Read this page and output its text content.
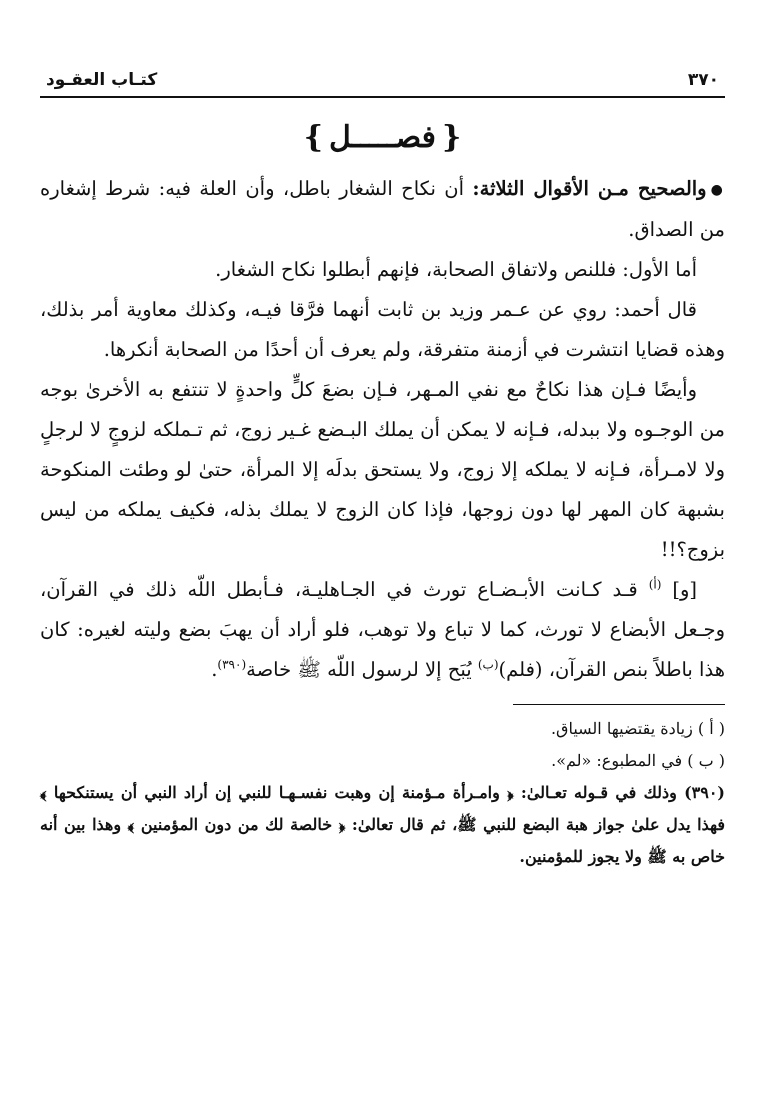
٣٧٠
كتـاب العقـود
{فصـــــل}

●والصحيح مـن الأقوال الثلاثة: أن نكاح الشغار باطل، وأن العلة فيه: شرط إشغاره من الصداق.

أما الأول: فللنص ولاتفاق الصحابة، فإنهم أبطلوا نكاح الشغار.

قال أحمد: روي عن عـمر وزيد بن ثابت أنهما فرَّقا فيـه، وكذلك معاوية أمر بذلك، وهذه قضايا انتشرت في أزمنة متفرقة، ولم يعرف أن أحدًا من الصحابة أنكرها.

وأيضًا فـإن هذا نكاحٌ مع نفي المـهر، فـإن بضعَ كلٍّ واحدةٍ لا تنتفع به الأخرىٰ بوجه من الوجـوه ولا ببدله، فـإنه لا يمكن أن يملك البـضع غـير زوج، ثم تـملكه لزوجٍ لا لرجلٍ ولا لامـرأة، فـإنه لا يملكه إلا زوج، ولا يستحق بدلَه إلا المرأة، حتىٰ لو وطئت المنكوحة بشبهة كان المهر لها دون زوجها، فإذا كان الزوج لا يملك بذله، فكيف يملكه من ليس بزوج؟!!

[و] $^{(أ)}$ قـد كـانت الأبـضـاع تورث في الجـاهليـة، فـأبطل اللّه ذلك في القرآن، وجـعل الأبضاع لا تورث، كما لا تباع ولا توهب، فلو أراد أن يهبَ بضع وليته لغيره: كان هذا باطلاً بنص القرآن، (فلم)$^{(ب)}$ يُبَح إلا لرسول اللّه ﷺ خاصة$^{(٣٩٠)}$.

( أ ) زيادة يقتضيها السياق.

( ب ) في المطبوع: «لم».

(٣٩٠) وذلك في قـوله تعـالىٰ: ﴿ وامـرأة مـؤمنة إن وهبت نفسـهـا للنبي إن أراد النبي أن يستنكحها ﴾ فهذا يدل علىٰ جواز هبة البضع للنبي ﷺ، ثم قال تعالىٰ: ﴿ خالصة لك من دون المؤمنين ﴾ وهذا بين أنه خاص به ﷺ ولا يجوز للمؤمنين.
